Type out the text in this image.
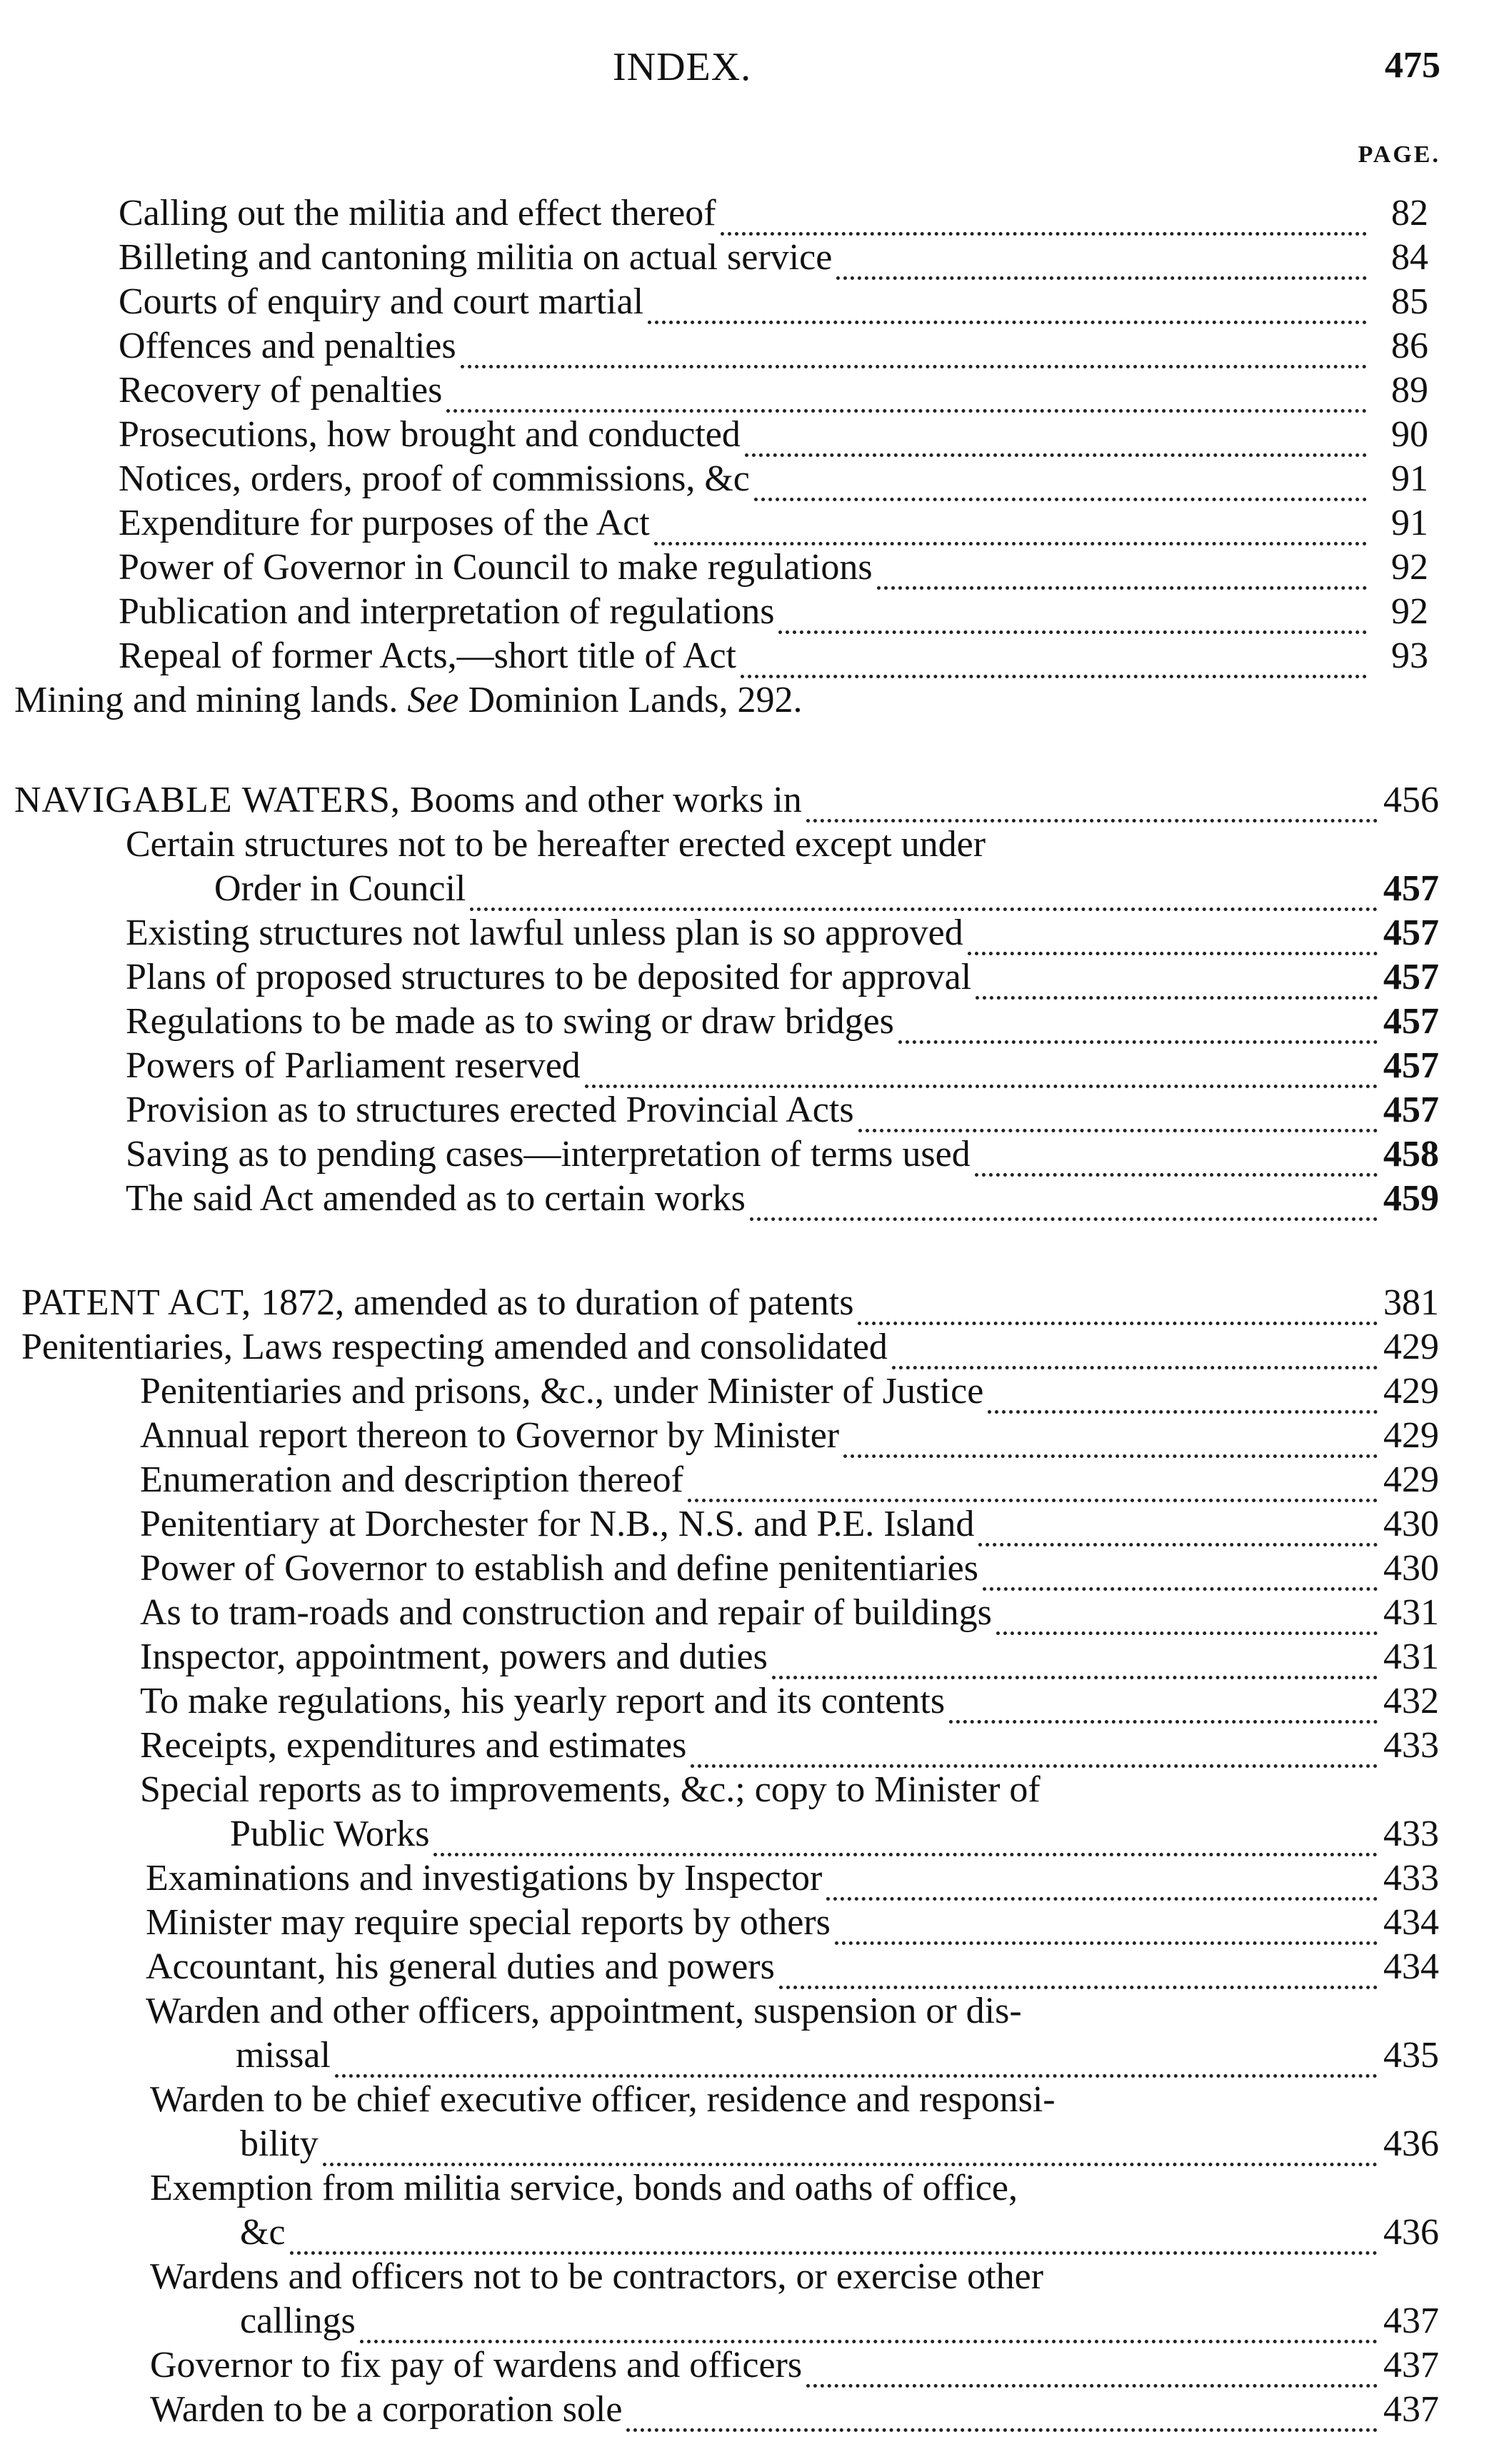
INDEX.	475
PAGE.
Calling out the militia and effect thereof	82
Billeting and cantoning militia on actual service	84
Courts of enquiry and court martial	85
Offences and penalties	86
Recovery of penalties	89
Prosecutions, how brought and conducted	90
Notices, orders, proof of commissions, &c	91
Expenditure for purposes of the Act	91
Power of Governor in Council to make regulations	92
Publication and interpretation of regulations	92
Repeal of former Acts,—short title of Act	93
Mining and mining lands. See Dominion Lands, 292.
NAVIGABLE WATERS, Booms and other works in	456
Certain structures not to be hereafter erected except under
Order in Council	457
Existing structures not lawful unless plan is so approved	457
Plans of proposed structures to be deposited for approval	457
Regulations to be made as to swing or draw bridges	457
Powers of Parliament reserved	457
Provision as to structures erected Provincial Acts	457
Saving as to pending cases—interpretation of terms used	458
The said Act amended as to certain works	459
PATENT ACT, 1872, amended as to duration of patents	381
Penitentiaries, Laws respecting amended and consolidated	429
Penitentiaries and prisons, &c., under Minister of Justice	429
Annual report thereon to Governor by Minister	429
Enumeration and description thereof	429
Penitentiary at Dorchester for N.B., N.S. and P.E. Island	430
Power of Governor to establish and define penitentiaries	430
As to tram-roads and construction and repair of buildings	431
Inspector, appointment, powers and duties	431
To make regulations, his yearly report and its contents	432
Receipts, expenditures and estimates	433
Special reports as to improvements, &c.; copy to Minister of
Public Works	433
Examinations and investigations by Inspector	433
Minister may require special reports by others	434
Accountant, his general duties and powers	434
Warden and other officers, appointment, suspension or dis-
missal	435
Warden to be chief executive officer, residence and responsi-
bility	436
Exemption from militia service, bonds and oaths of office,
&c	436
Wardens and officers not to be contractors, or exercise other
callings	437
Governor to fix pay of wardens and officers	437
Warden to be a corporation sole	437
